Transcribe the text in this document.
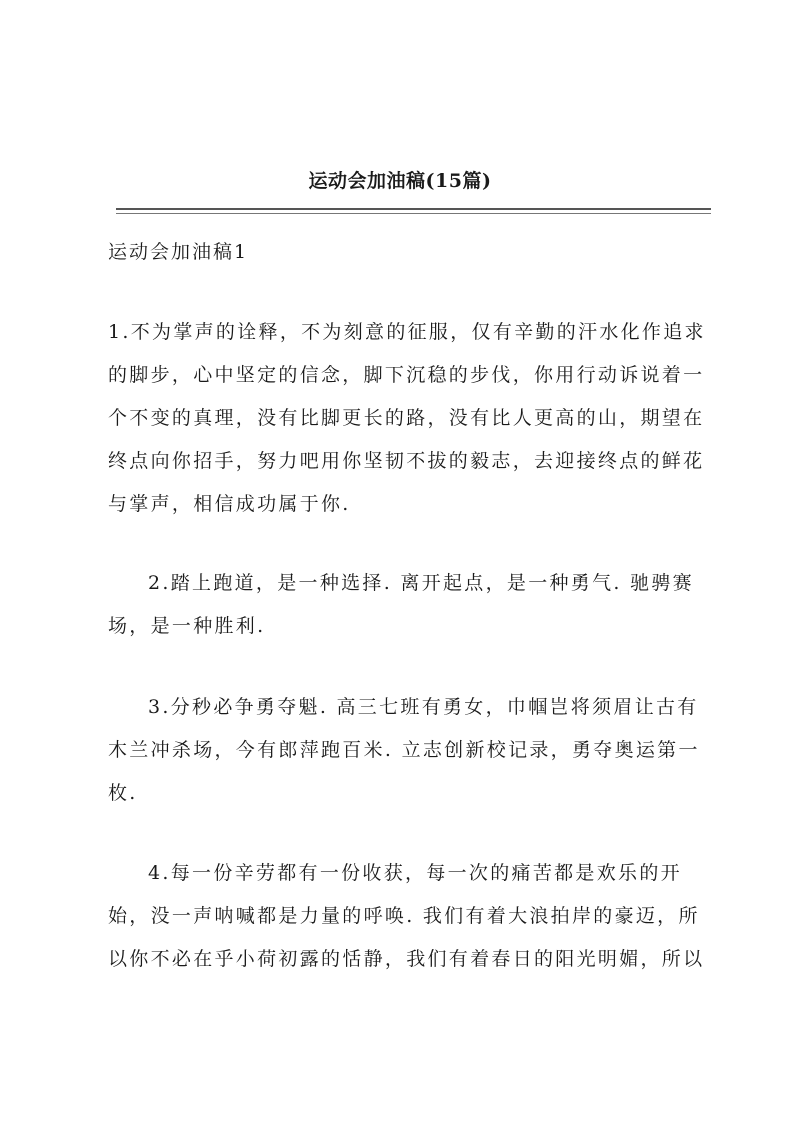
运动会加油稿(15篇)
运动会加油稿1
1.不为掌声的诠释，不为刻意的征服，仅有辛勤的汗水化作追求
的脚步，心中坚定的信念，脚下沉稳的步伐，你用行动诉说着一
个不变的真理，没有比脚更长的路，没有比人更高的山，期望在
终点向你招手，努力吧用你坚韧不拔的毅志，去迎接终点的鲜花
与掌声，相信成功属于你.
2.踏上跑道，是一种选择. 离开起点，是一种勇气. 驰骋赛
场，是一种胜利.
3.分秒必争勇夺魁. 高三七班有勇女，巾帼岂将须眉让古有
木兰冲杀场，今有郎萍跑百米. 立志创新校记录，勇夺奥运第一
枚.
4.每一份辛劳都有一份收获，每一次的痛苦都是欢乐的开
始，没一声呐喊都是力量的呼唤. 我们有着大浪拍岸的豪迈，所
以你不必在乎小荷初露的恬静，我们有着春日的阳光明媚，所以
